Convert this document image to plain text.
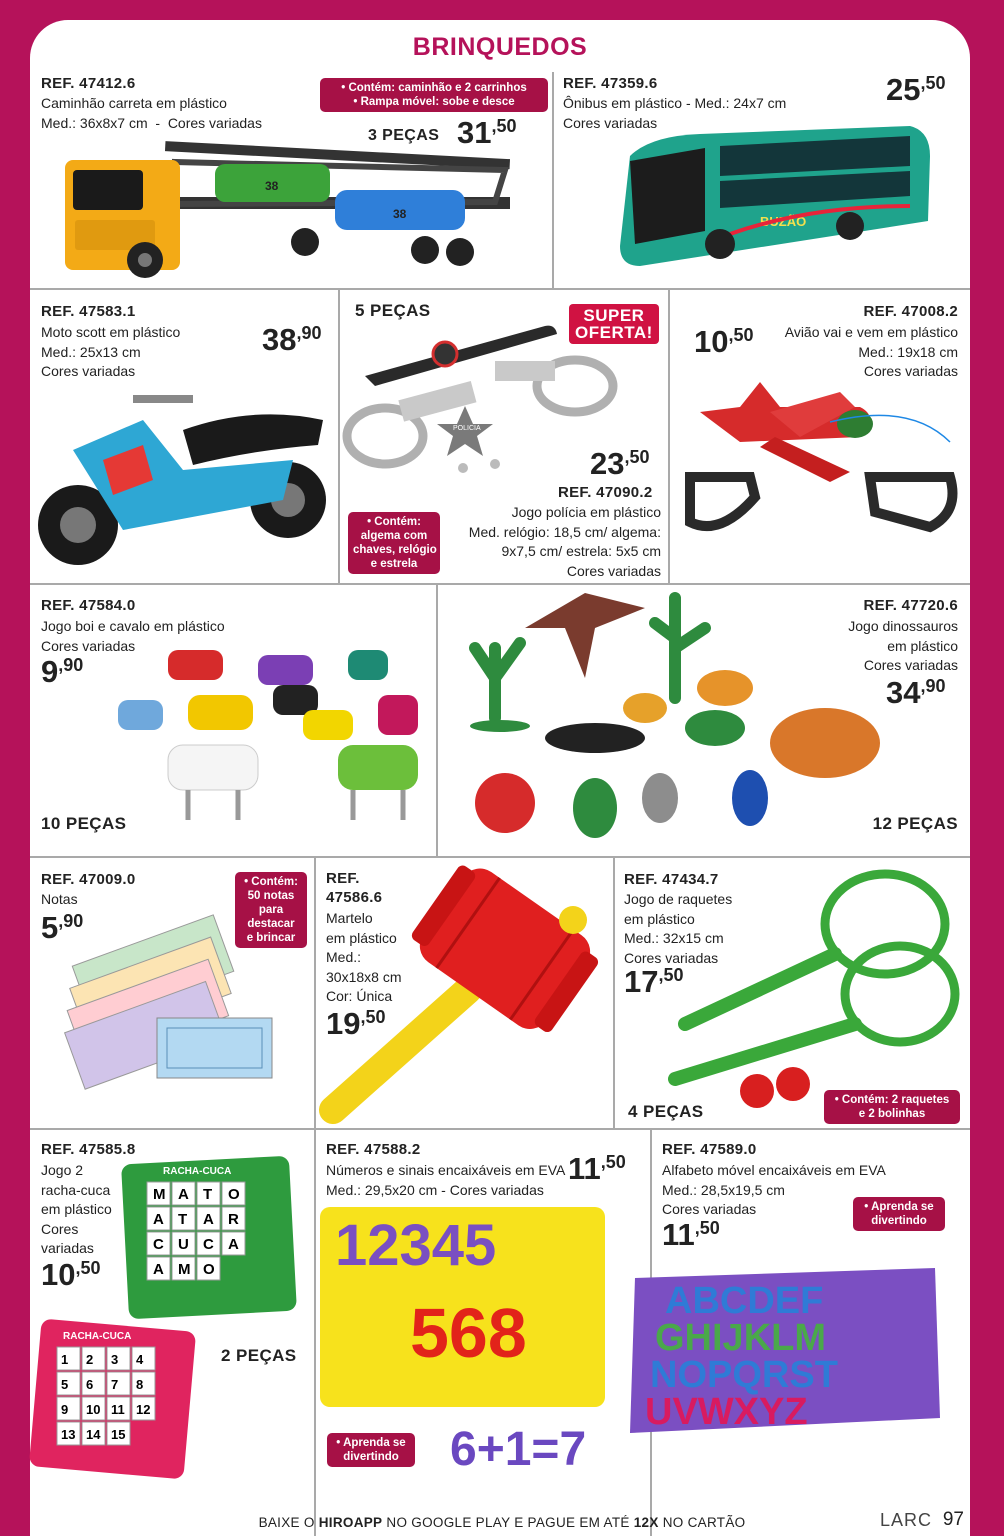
BRINQUEDOS
REF. 47412.6
Caminhão carreta em plástico
Med.: 36x8x7 cm  -  Cores variadas
• Contém: caminhão e 2 carrinhos
• Rampa móvel: sobe e desce
3 PEÇAS 31,50
38
38
REF. 47359.6
Ônibus em plástico - Med.: 24x7 cm
Cores variadas
25,50
BUZÃO
REF. 47583.1
Moto scott em plástico
Med.: 25x13 cm
Cores variadas
38,90
5 PEÇAS	SUPER
OFERTA!
POLICIA
23,50
REF. 47090.2
Jogo polícia em plástico
Med. relógio: 18,5 cm/ algema:
9x7,5 cm/ estrela: 5x5 cm
Cores variadas
• Contém:
algema com
chaves, relógio
e estrela
REF. 47008.2
Avião vai e vem em plástico
Med.: 19x18 cm
Cores variadas
10,50
REF. 47584.0
Jogo boi e cavalo em plástico
Cores variadas
9,90
10 PEÇAS
REF. 47720.6
Jogo dinossauros
em plástico
Cores variadas
34,90
12 PEÇAS
REF. 47009.0
Notas
5,90
• Contém:
50 notas
para
destacar
e brincar
REF.
47586.6
Martelo
em plástico
Med.:
30x18x8 cm
Cor: Única
19,50
REF. 47434.7
Jogo de raquetes
em plástico
Med.: 32x15 cm
Cores variadas
17,50
4 PEÇAS
• Contém: 2 raquetes
e 2 bolinhas
REF. 47585.8
Jogo 2
racha-cuca
em plástico
Cores
variadas
10,50
RACHA-CUCA
M A T O
A T A R
C U C A
A M O
RACHA-CUCA
1 2 3 4
5 6 7 8
9 10 11 12
13 14 15
2 PEÇAS
REF. 47588.2
Números e sinais encaixáveis em EVA
Med.: 29,5x20 cm - Cores variadas
11,50
12345
568
6+1=7
• Aprenda se
divertindo
REF. 47589.0
Alfabeto móvel encaixáveis em EVA
Med.: 28,5x19,5 cm
Cores variadas
11,50
• Aprenda se
divertindo
ABCDEF
GHIJKLM
NOPQRST
UVWXYZ
BAIXE O HIROAPP NO GOOGLE PLAY E PAGUE EM ATÉ 12X NO CARTÃO	LARC 97
